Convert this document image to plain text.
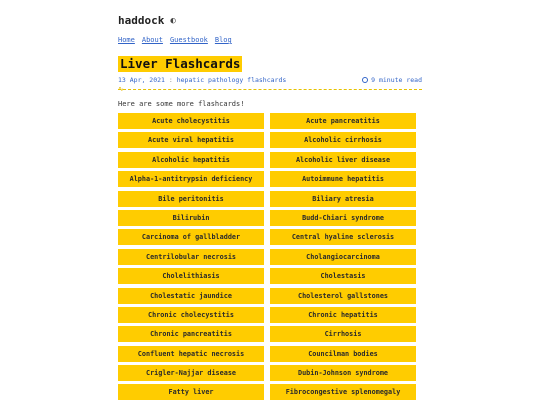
haddock ◐
Home About Guestbook Blog
Liver Flashcards
13 Apr, 2021 : hepatic pathology flashcards	9 minute read
∿
Here are some more flashcards!
Acute cholecystitis	Acute pancreatitis
Acute viral hepatitis	Alcoholic cirrhosis
Alcoholic hepatitis	Alcoholic liver disease
Alpha-1-antitrypsin deficiency	Autoimmune hepatitis
Bile peritonitis	Biliary atresia
Bilirubin	Budd-Chiari syndrome
Carcinoma of gallbladder	Central hyaline sclerosis
Centrilobular necrosis	Cholangiocarcinoma
Cholelithiasis	Cholestasis
Cholestatic jaundice	Cholesterol gallstones
Chronic cholecystitis	Chronic hepatitis
Chronic pancreatitis	Cirrhosis
Confluent hepatic necrosis	Councilman bodies
Crigler-Najjar disease	Dubin-Johnson syndrome
Fatty liver	Fibrocongestive splenomegaly
